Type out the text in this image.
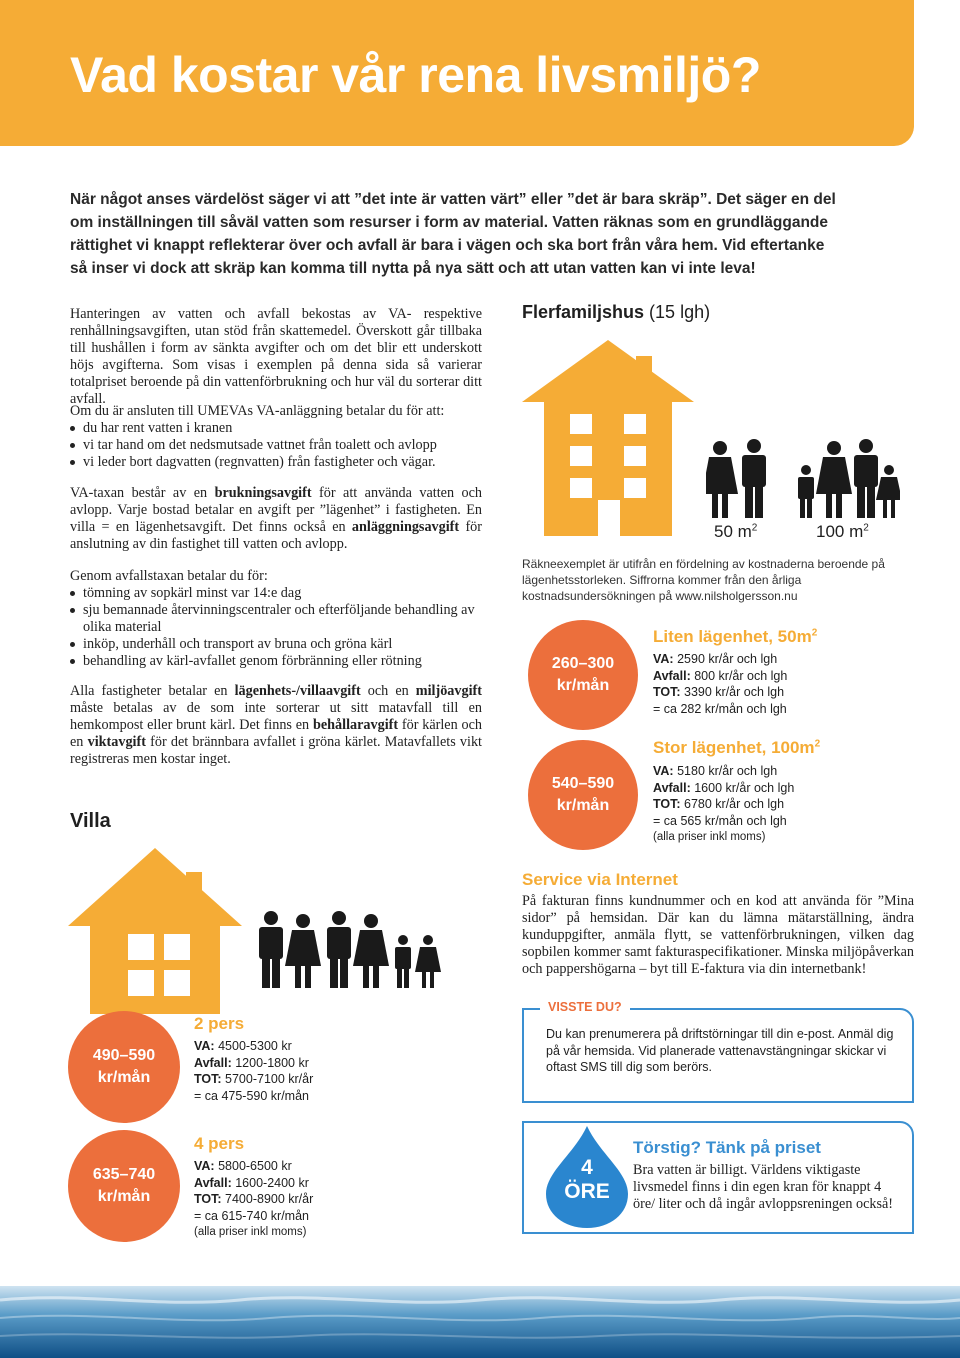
Vad kostar vår rena livsmiljö?
När något anses värdelöst säger vi att ”det inte är vatten värt” eller ”det är bara skräp”. Det säger en del
om inställningen till såväl vatten som resurser i form av material. Vatten räknas som en grundläggande
rättighet vi knappt reflekterar över och avfall är bara i vägen och ska bort från våra hem. Vid eftertanke
så inser vi dock att skräp kan komma till nytta på nya sätt och att utan vatten kan vi inte leva!

Hanteringen av vatten och avfall bekostas av VA- respektive renhållningsavgiften, utan stöd från skattemedel. Överskott går tillbaka till hushållen i form av sänkta avgifter och om det blir ett underskott höjs avgifterna. Som visas i exemplen på denna sida så varierar totalpriset beroende på din vattenförbrukning och hur väl du sorterar ditt avfall.

Om du är ansluten till UMEVAs VA-anläggning betalar du för att:
du har rent vatten i kranen
vi tar hand om det nedsmutsade vattnet från toalett och avlopp
vi leder bort dagvatten (regnvatten) från fastigheter och vägar.

VA-taxan består av en brukningsavgift för att använda vatten och avlopp. Varje bostad betalar en avgift per ”lägenhet” i fastigheten. En villa = en lägenhetsavgift. Det finns också en anläggningsavgift för anslutning av din fastighet till vatten och avlopp.

Genom avfallstaxan betalar du för:
tömning av sopkärl minst var 14:e dag
sju bemannade återvinningscentraler och efterföljande behandling av olika material
inköp, underhåll och transport av bruna och gröna kärl
behandling av kärl-avfallet genom förbränning eller rötning

Alla fastigheter betalar en lägenhets-/villaavgift och en miljöavgift måste betalas av de som inte sorterar ut sitt matavfall till en hemkompost eller brunt kärl. Det finns en behållaravgift för kärlen och en viktavgift för det brännbara avfallet i gröna kärlet. Matavfallets vikt registreras men kostar inget.

Villa
490–590
kr/mån
635–740
kr/mån
2 pers
VA: 4500-5300 kr
Avfall: 1200-1800 kr
TOT: 5700-7100 kr/år
= ca 475-590 kr/mån
4 pers
VA: 5800-6500 kr
Avfall: 1600-2400 kr
TOT: 7400-8900 kr/år
= ca 615-740 kr/mån
(alla priser inkl moms)
Flerfamiljshus (15 lgh)
50 $m^2$	100 $m^2$

Räkneexemplet är utifrån en fördelning av kostnaderna beroende på lägenhetsstorleken. Siffrorna kommer från den årliga kostnadsundersökningen på www.nilsholgersson.nu

260–300
kr/mån
540–590
kr/mån
Liten lägenhet, $50m^2$
VA: 2590 kr/år och lgh
Avfall: 800 kr/år och lgh
TOT: 3390 kr/år och lgh
= ca 282 kr/mån och lgh
Stor lägenhet, $100m^2$
VA: 5180 kr/år och lgh
Avfall: 1600 kr/år och lgh
TOT: 6780 kr/år och lgh
= ca 565 kr/mån och lgh
(alla priser inkl moms)
Service via Internet

På fakturan finns kundnummer och en kod att använda för ”Mina sidor” på hemsidan. Där kan du lämna mätarställning, ändra kunduppgifter, anmäla flytt, se vattenförbrukningen, vilken dag sopbilen kommer samt fakturaspecifikationer. Minska miljöpåverkan och pappershögarna – byt till E-faktura via din internetbank!

VISSTE DU?

Du kan prenumerera på driftstörningar till din e-post. Anmäl dig på vår hemsida. Vid planerade vattenavstängningar skickar vi oftast SMS till dig som berörs.

4
ÖRE
Törstig? Tänk på priset

Bra vatten är billigt. Världens viktigaste livsmedel finns i din egen kran för knappt 4 öre/ liter och då ingår avloppsreningen också!
